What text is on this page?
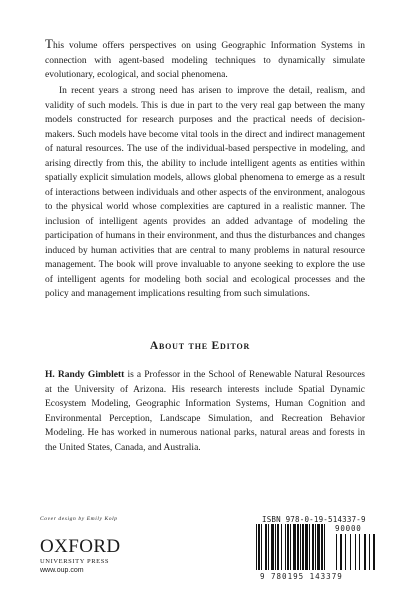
This volume offers perspectives on using Geographic Information Systems in connection with agent-based modeling techniques to dynamically simulate evolutionary, ecological, and social phenomena.

In recent years a strong need has arisen to improve the detail, realism, and validity of such models. This is due in part to the very real gap between the many models constructed for research purposes and the practical needs of decision-makers. Such models have become vital tools in the direct and indirect management of natural resources. The use of the individual-based perspective in modeling, and arising directly from this, the ability to include intelligent agents as entities within spatially explicit simulation models, allows global phenomena to emerge as a result of interactions between individuals and other aspects of the environment, analogous to the physical world whose complexities are captured in a realistic manner. The inclusion of intelligent agents provides an added advantage of modeling the participation of humans in their environment, and thus the disturbances and changes induced by human activities that are central to many problems in natural resource management. The book will prove invaluable to anyone seeking to explore the use of intelligent agents for modeling both social and ecological processes and the policy and management implications resulting from such simulations.

About the Editor

H. Randy Gimblett is a Professor in the School of Renewable Natural Resources at the University of Arizona. His research interests include Spatial Dynamic Ecosystem Modeling, Geographic Information Systems, Human Cognition and Environmental Perception, Landscape Simulation, and Recreation Behavior Modeling. He has worked in numerous national parks, natural areas and forests in the United States, Canada, and Australia.

Cover design by Emily Kolp
OXFORD
UNIVERSITY PRESS
www.oup.com
ISBN 978-0-19-514337-9
90000
9 780195 143379
